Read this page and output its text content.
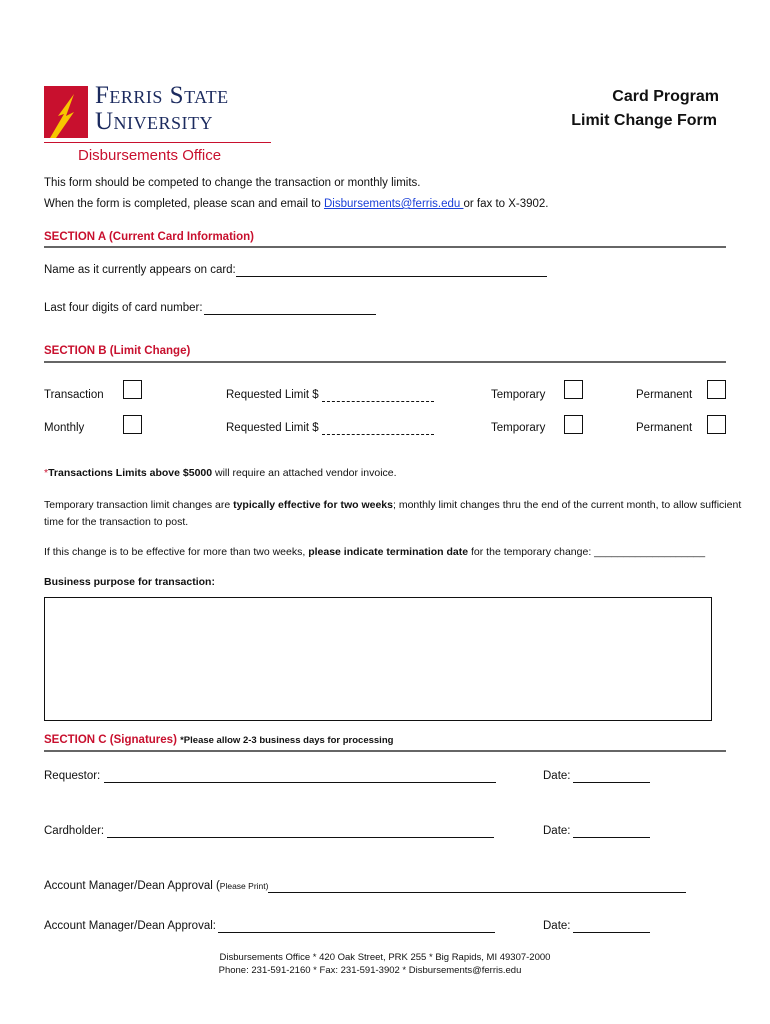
Ferris State
University
Disbursements Office
Card Program
Limit Change Form
This form should be competed to change the transaction or monthly limits.
When the form is completed, please scan and email to Disbursements@ferris.edu or fax to X-3902.
SECTION A (Current Card Information)
Name as it currently appears on card:
Last four digits of card number:
SECTION B (Limit Change)
Transaction	Requested Limit $	Temporary	Permanent
Monthly	Requested Limit $	Temporary	Permanent
*Transactions Limits above $5000 will require an attached vendor invoice.
Temporary transaction limit changes are typically effective for two weeks; monthly limit changes thru the end of the current month, to allow sufficient
time for the transaction to post.
If this change is to be effective for more than two weeks, please indicate termination date for the temporary change: ___________________
Business purpose for transaction:
SECTION C (Signatures) *Please allow 2-3 business days for processing
Requestor:	Date:
Cardholder:	Date:
Account Manager/Dean Approval (Please Print)
Account Manager/Dean Approval:	Date:
Disbursements Office * 420 Oak Street, PRK 255 * Big Rapids, MI 49307-2000
Phone: 231-591-2160 * Fax: 231-591-3902 * Disbursements@ferris.edu
